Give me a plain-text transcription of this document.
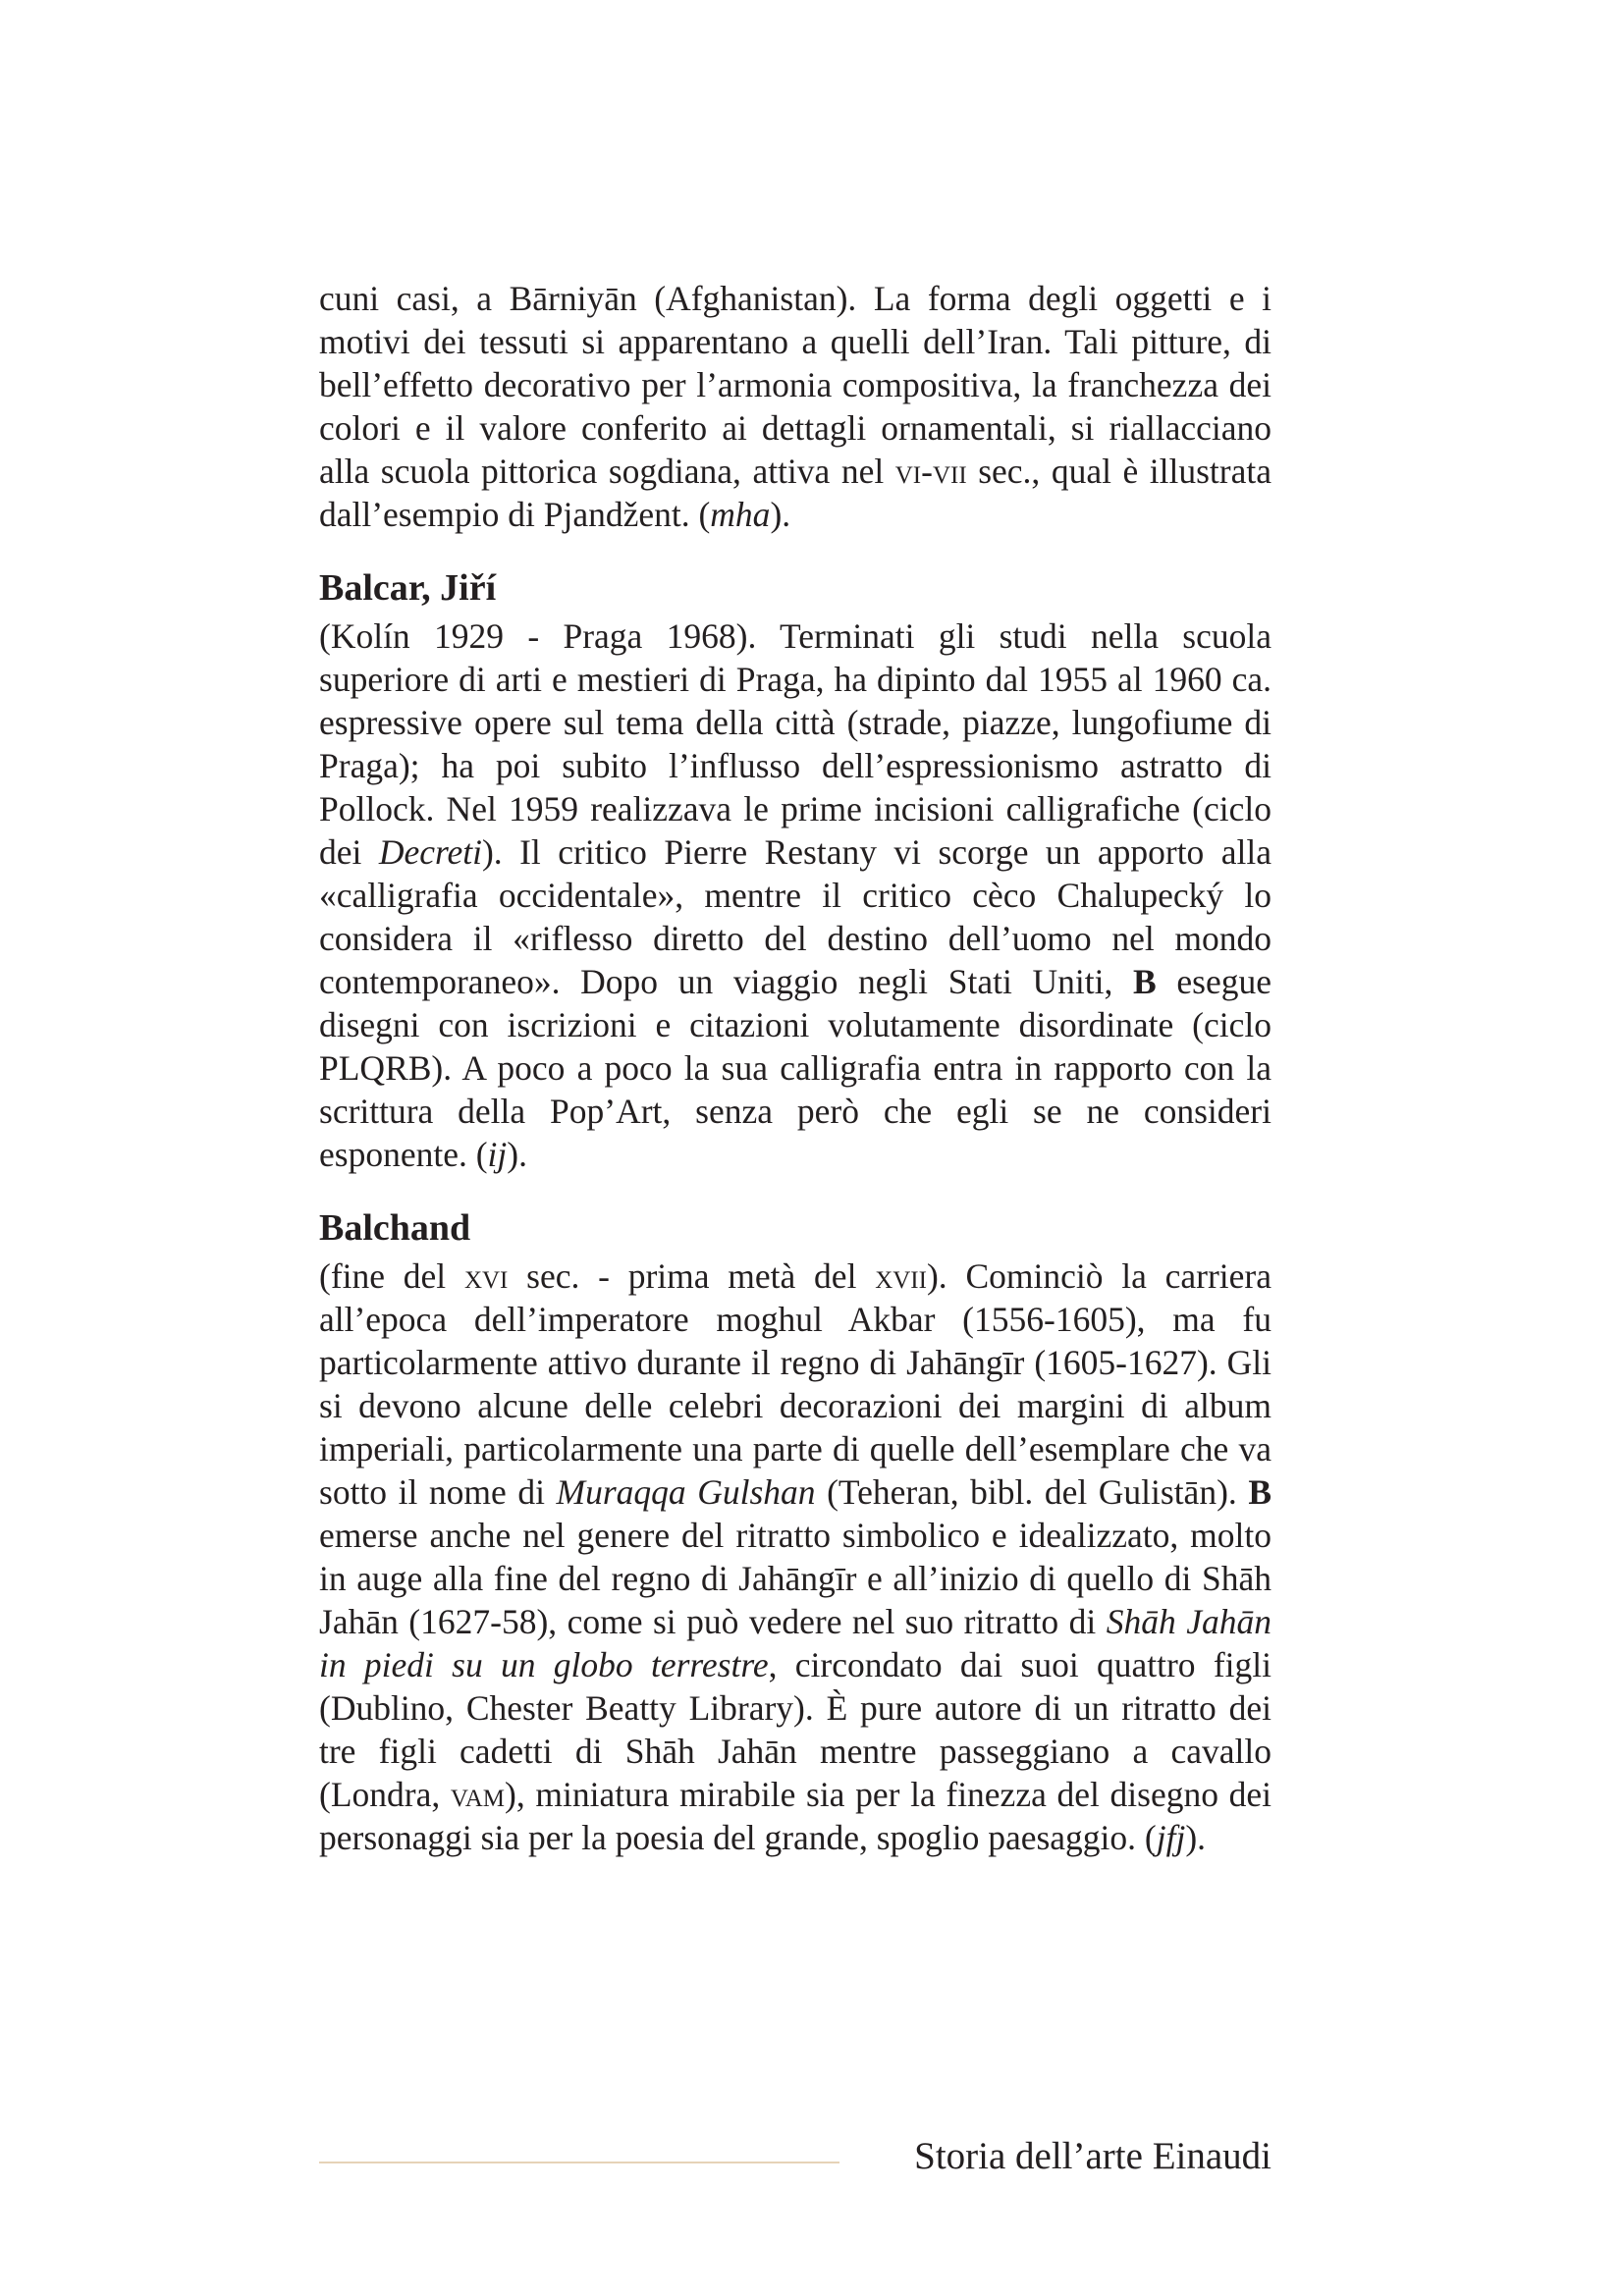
cuni casi, a Bārniyān (Afghanistan). La forma degli oggetti e i motivi dei tessuti si apparentano a quelli dell’Iran. Tali pitture, di bell’effetto decorativo per l’armonia compositiva, la franchezza dei colori e il valore conferito ai dettagli ornamentali, si riallacciano alla scuola pittorica sogdiana, attiva nel vi-vii sec., qual è illustrata dall’esempio di Pjandžent. (mha).

Balcar, Jiří

(Kolín 1929 - Praga 1968). Terminati gli studi nella scuola superiore di arti e mestieri di Praga, ha dipinto dal 1955 al 1960 ca. espressive opere sul tema della città (strade, piazze, lungofiume di Praga); ha poi subito l’influsso dell’espressionismo astratto di Pollock. Nel 1959 realizzava le prime incisioni calligrafiche (ciclo dei Decreti). Il critico Pierre Restany vi scorge un apporto alla «calligrafia occidentale», mentre il critico cèco Chalupecký lo considera il «riflesso diretto del destino dell’uomo nel mondo contemporaneo». Dopo un viaggio negli Stati Uniti, B esegue disegni con iscrizioni e citazioni volutamente disordinate (ciclo PLQRB). A poco a poco la sua calligrafia entra in rapporto con la scrittura della Pop’Art, senza però che egli se ne consideri esponente. (ij).

Balchand

(fine del xvi sec. - prima metà del xvii). Cominciò la carriera all’epoca dell’imperatore moghul Akbar (1556-1605), ma fu particolarmente attivo durante il regno di Jahāngīr (1605-1627). Gli si devono alcune delle celebri decorazioni dei margini di album imperiali, particolarmente una parte di quelle dell’esemplare che va sotto il nome di Muraqqa Gulshan (Teheran, bibl. del Gulistān). B emerse anche nel genere del ritratto simbolico e idealizzato, molto in auge alla fine del regno di Jahāngīr e all’inizio di quello di Shāh Jahān (1627-58), come si può vedere nel suo ritratto di Shāh Jahān in piedi su un globo terrestre, circondato dai suoi quattro figli (Dublino, Chester Beatty Library). È pure autore di un ritratto dei tre figli cadetti di Shāh Jahān mentre passeggiano a cavallo (Londra, vam), miniatura mirabile sia per la finezza del disegno dei personaggi sia per la poesia del grande, spoglio paesaggio. (jfj).

Storia dell’arte Einaudi
